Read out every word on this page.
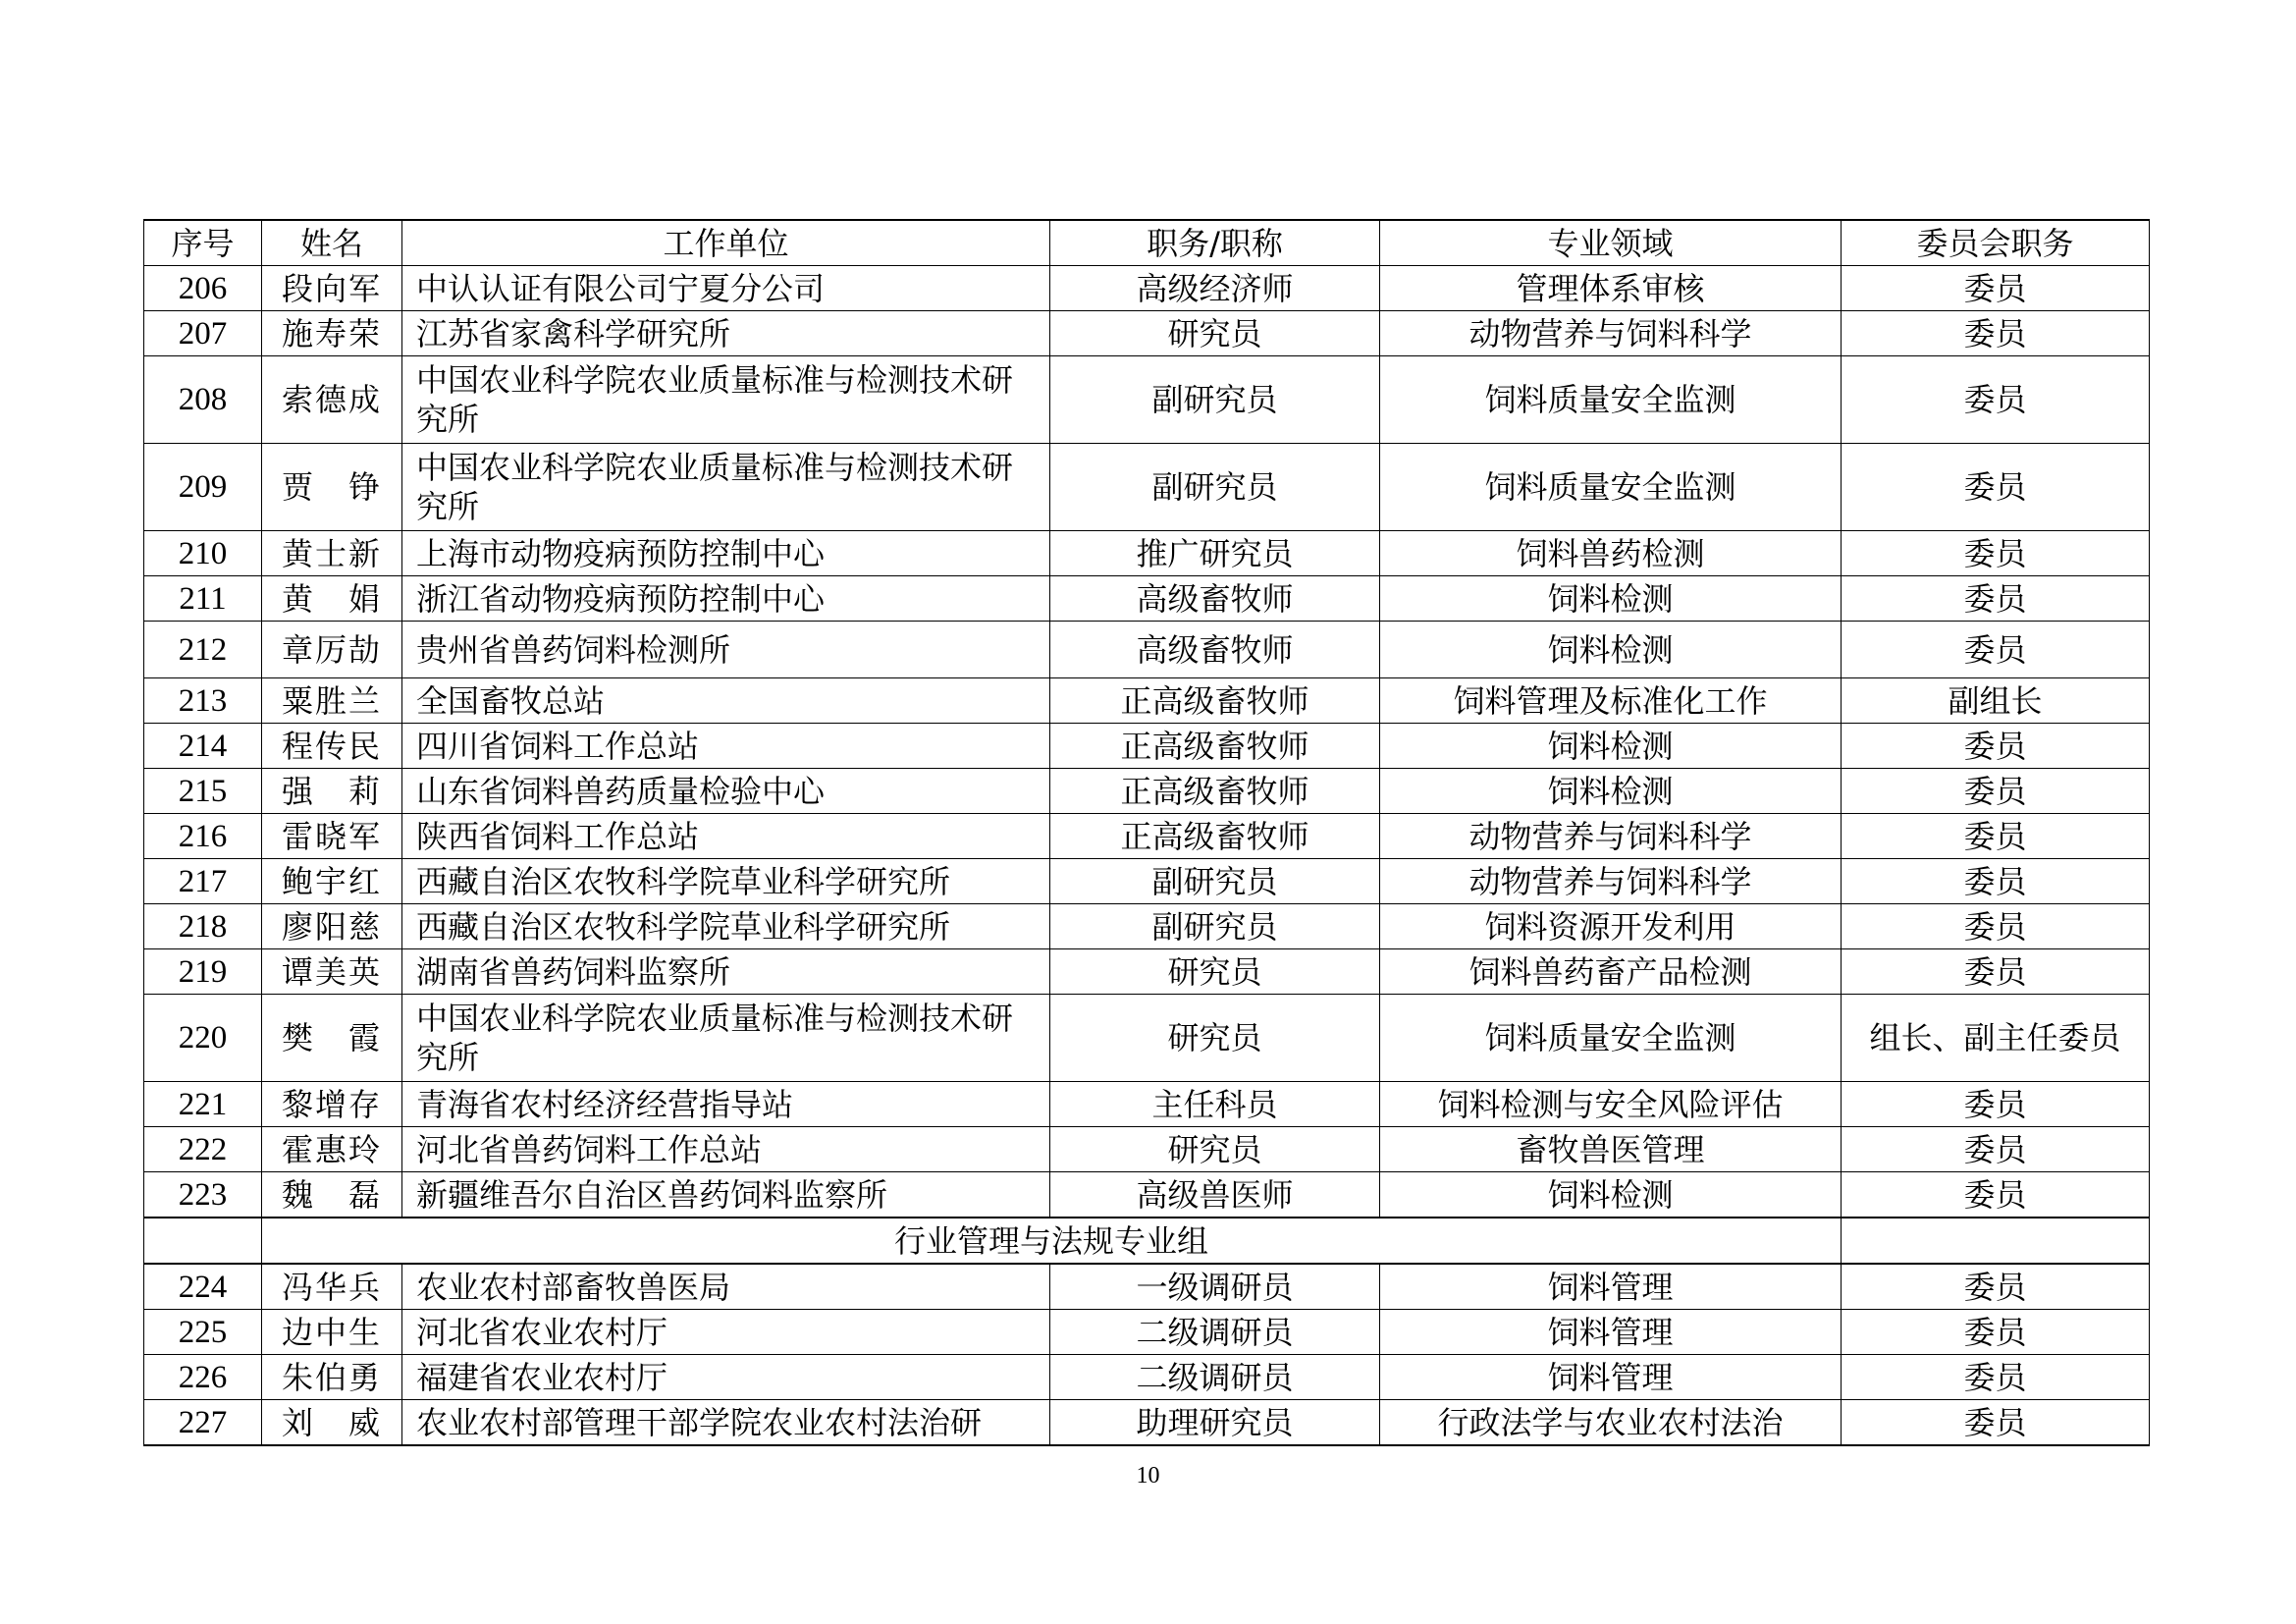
序号	姓名	工作单位	职务/职称	专业领域	委员会职务
206	段向军	中认认证有限公司宁夏分公司	高级经济师	管理体系审核	委员
207	施寿荣	江苏省家禽科学研究所	研究员	动物营养与饲料科学	委员
208	索德成	中国农业科学院农业质量标准与检测技术研究所	副研究员	饲料质量安全监测	委员
209	贾　铮	中国农业科学院农业质量标准与检测技术研究所	副研究员	饲料质量安全监测	委员
210	黄士新	上海市动物疫病预防控制中心	推广研究员	饲料兽药检测	委员
211	黄　娟	浙江省动物疫病预防控制中心	高级畜牧师	饲料检测	委员
212	章厉劼	贵州省兽药饲料检测所	高级畜牧师	饲料检测	委员
213	粟胜兰	全国畜牧总站	正高级畜牧师	饲料管理及标准化工作	副组长
214	程传民	四川省饲料工作总站	正高级畜牧师	饲料检测	委员
215	强　莉	山东省饲料兽药质量检验中心	正高级畜牧师	饲料检测	委员
216	雷晓军	陕西省饲料工作总站	正高级畜牧师	动物营养与饲料科学	委员
217	鲍宇红	西藏自治区农牧科学院草业科学研究所	副研究员	动物营养与饲料科学	委员
218	廖阳慈	西藏自治区农牧科学院草业科学研究所	副研究员	饲料资源开发利用	委员
219	谭美英	湖南省兽药饲料监察所	研究员	饲料兽药畜产品检测	委员
220	樊　霞	中国农业科学院农业质量标准与检测技术研究所	研究员	饲料质量安全监测	组长、副主任委员
221	黎增存	青海省农村经济经营指导站	主任科员	饲料检测与安全风险评估	委员
222	霍惠玲	河北省兽药饲料工作总站	研究员	畜牧兽医管理	委员
223	魏　磊	新疆维吾尔自治区兽药饲料监察所	高级兽医师	饲料检测	委员
	行业管理与法规专业组				
224	冯华兵	农业农村部畜牧兽医局	一级调研员	饲料管理	委员
225	边中生	河北省农业农村厅	二级调研员	饲料管理	委员
226	朱伯勇	福建省农业农村厅	二级调研员	饲料管理	委员
227	刘　威	农业农村部管理干部学院农业农村法治研	助理研究员	行政法学与农业农村法治	委员
10
